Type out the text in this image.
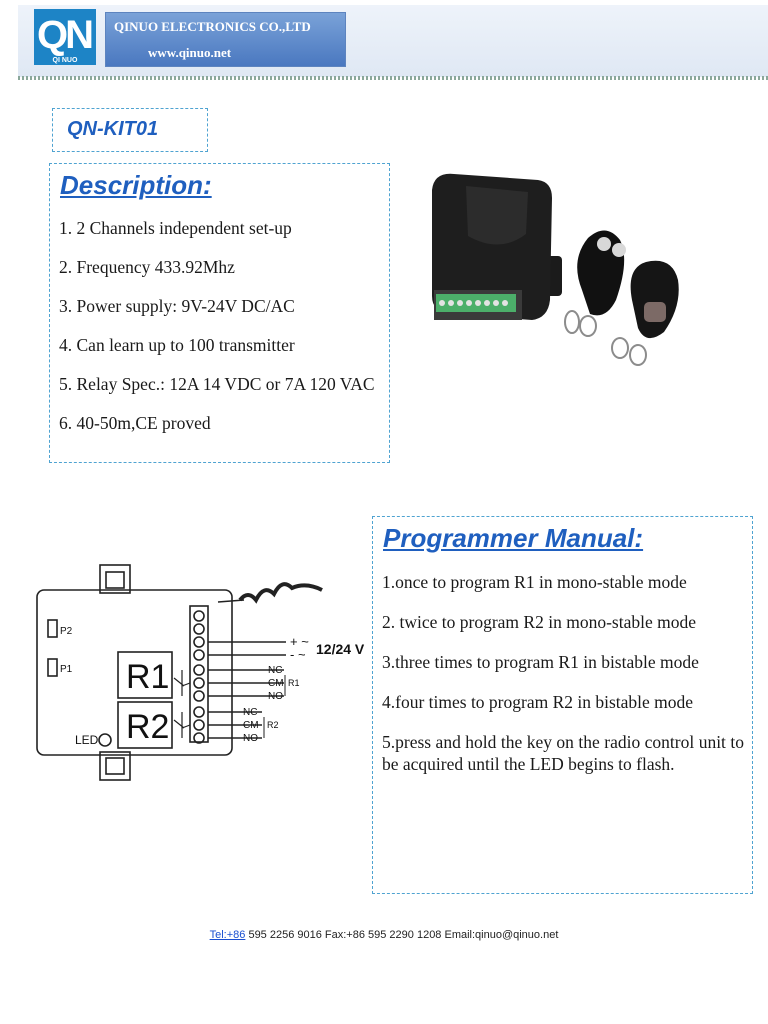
QN
QI NUO
QINUO ELECTRONICS CO.,LTD
www.qinuo.net
QN-KIT01
Description:
1. 2 Channels independent set-up
2. Frequency 433.92Mhz
3. Power supply: 9V-24V DC/AC
4. Can learn up to 100 transmitter
5. Relay Spec.: 12A 14 VDC or 7A 120 VAC
6. 40-50m,CE proved
P2
P1 R1
R2
LED
+ ~
- ~ 12/24 V
NC
CM
NO
R1
NC
CM
NO
R2
Programmer Manual:
1.once to program R1 in mono-stable mode
2. twice to program R2 in mono-stable mode
3.three times to program R1 in bistable mode
4.four times to program R2 in bistable mode
5.press and hold the key on the radio control unit to be acquired until the LED begins to flash.
Tel:+86 595 2256 9016 Fax:+86 595 2290 1208 Email:qinuo@qinuo.net
